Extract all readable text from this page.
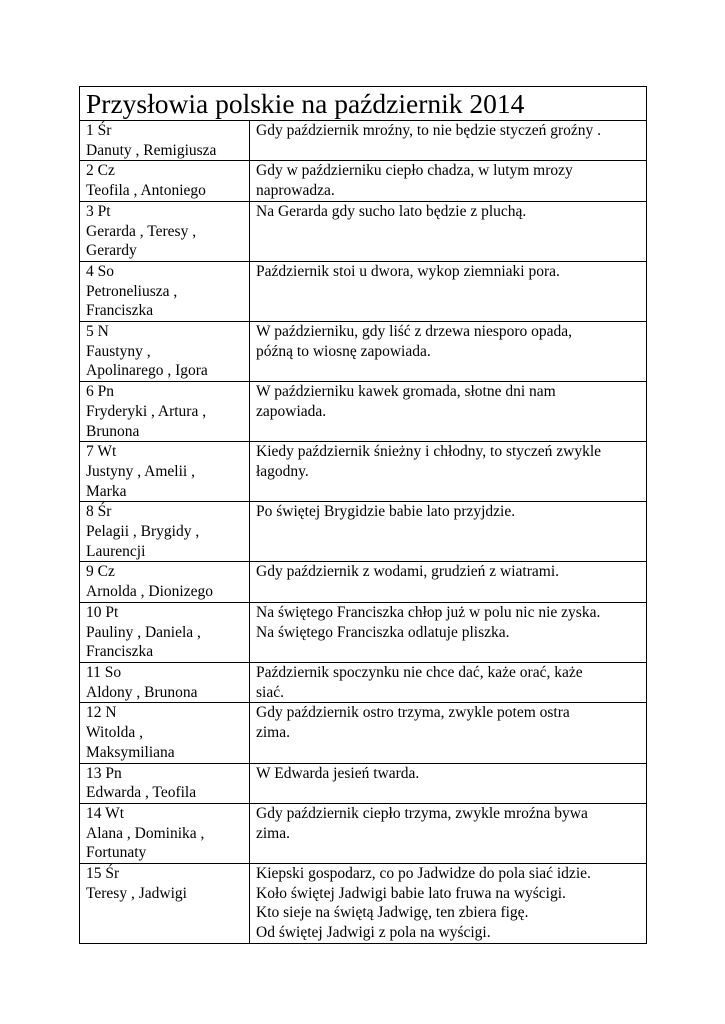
Przysłowia polskie na październik 2014	

1 Śr
Danuty , Remigiusza	Gdy październik mroźny, to nie będzie styczeń groźny .

2 Cz
Teofila , Antoniego	Gdy w październiku ciepło chadza, w lutym mrozy
naprowadza.

3 Pt
Gerarda , Teresy ,
Gerardy	Na Gerarda gdy sucho lato będzie z pluchą.

4 So
Petroneliusza ,
Franciszka	Październik stoi u dwora, wykop ziemniaki pora.

5 N
Faustyny ,
Apolinarego , Igora	W październiku, gdy liść z drzewa niesporo opada,
późną to wiosnę zapowiada.

6 Pn
Fryderyki , Artura ,
Brunona	W październiku kawek gromada, słotne dni nam
zapowiada.

7 Wt
Justyny , Amelii ,
Marka	Kiedy październik śnieżny i chłodny, to styczeń zwykle
łagodny.

8 Śr
Pelagii , Brygidy ,
Laurencji	Po świętej Brygidzie babie lato przyjdzie.

9 Cz
Arnolda , Dionizego	Gdy październik z wodami, grudzień z wiatrami.

10 Pt
Pauliny , Daniela ,
Franciszka	Na świętego Franciszka chłop już w polu nic nie zyska.
Na świętego Franciszka odlatuje pliszka.

11 So
Aldony , Brunona	Październik spoczynku nie chce dać, każe orać, każe
siać.

12 N
Witolda ,
Maksymiliana	Gdy październik ostro trzyma, zwykle potem ostra
zima.

13 Pn
Edwarda , Teofila	W Edwarda jesień twarda.

14 Wt
Alana , Dominika ,
Fortunaty	Gdy październik ciepło trzyma, zwykle mroźna bywa
zima.

15 Śr
Teresy , Jadwigi	Kiepski gospodarz, co po Jadwidze do pola siać idzie.
Koło świętej Jadwigi babie lato fruwa na wyścigi.
Kto sieje na świętą Jadwigę, ten zbiera figę.
Od świętej Jadwigi z pola na wyścigi.
